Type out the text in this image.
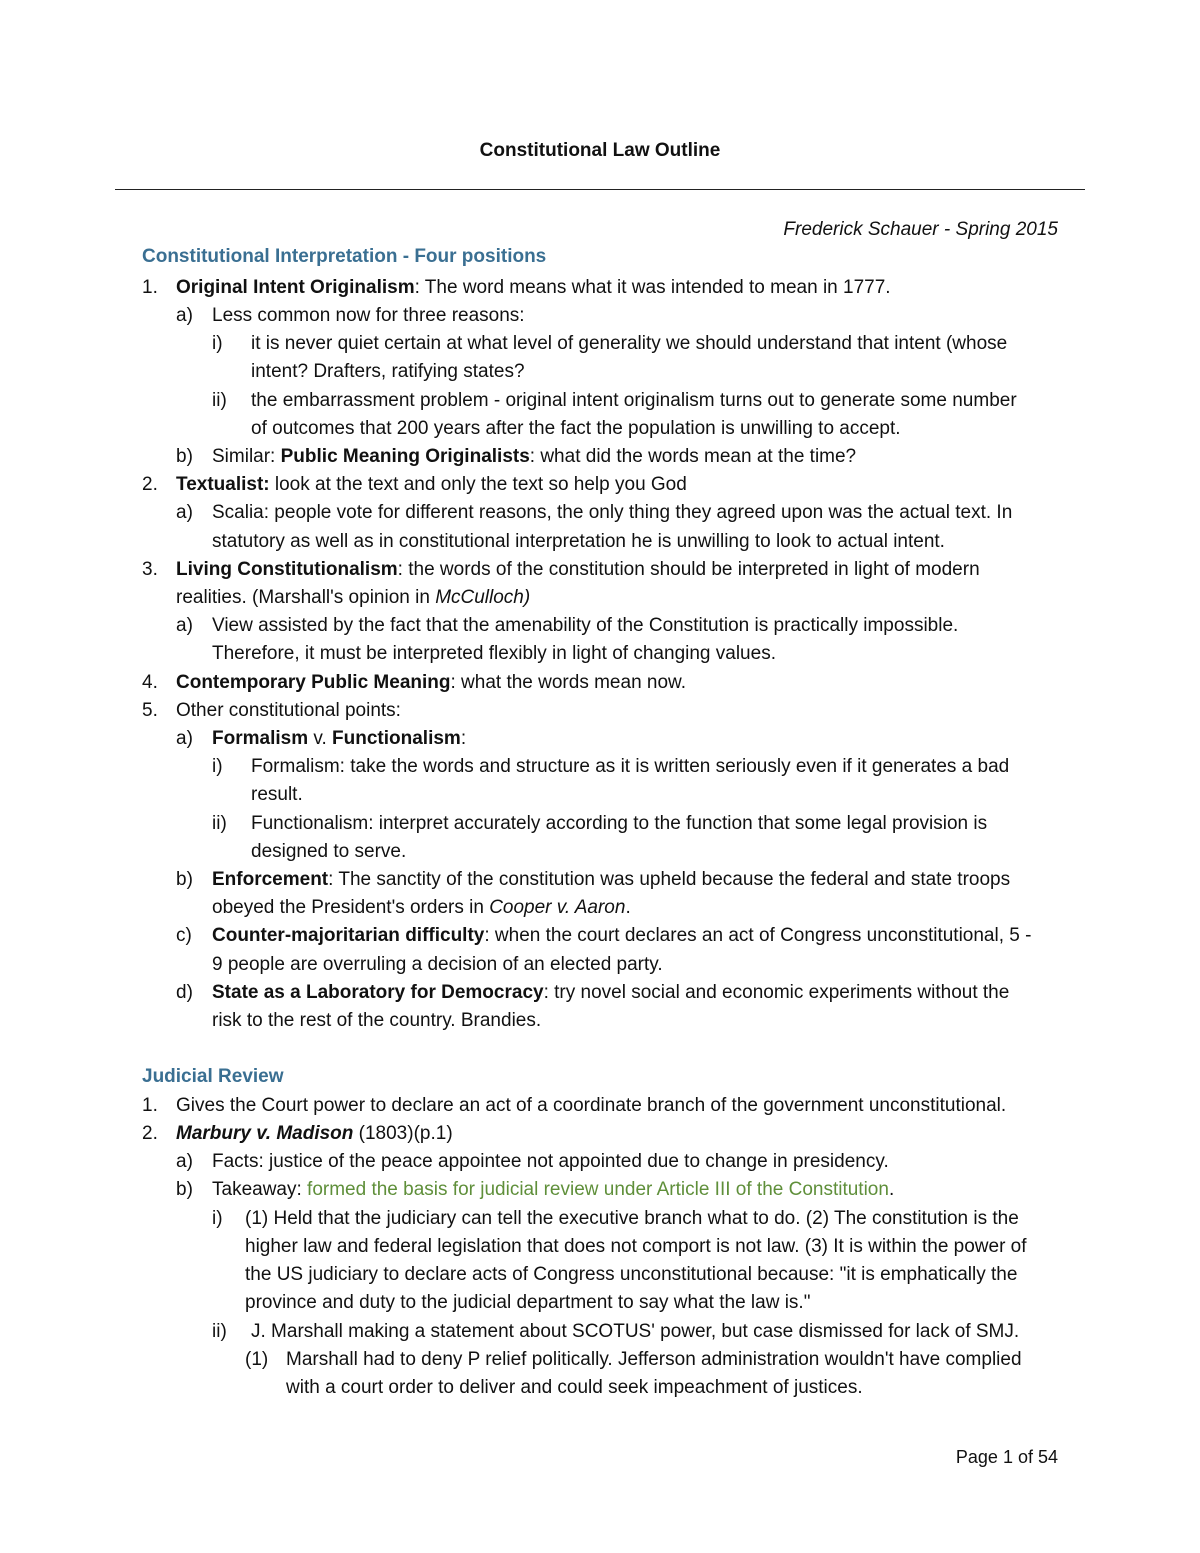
Constitutional Law Outline
Frederick Schauer - Spring 2015
Constitutional Interpretation - Four positions
1. Original Intent Originalism: The word means what it was intended to mean in 1777.
a) Less common now for three reasons:
i) it is never quiet certain at what level of generality we should understand that intent (whose
intent? Drafters, ratifying states?
ii) the embarrassment problem - original intent originalism turns out to generate some number
of outcomes that 200 years after the fact the population is unwilling to accept.
b) Similar: Public Meaning Originalists: what did the words mean at the time?
2. Textualist: look at the text and only the text so help you God
a) Scalia: people vote for different reasons, the only thing they agreed upon was the actual text. In
statutory as well as in constitutional interpretation he is unwilling to look to actual intent.
3. Living Constitutionalism: the words of the constitution should be interpreted in light of modern
realities. (Marshall's opinion in McCulloch)
a) View assisted by the fact that the amenability of the Constitution is practically impossible.
Therefore, it must be interpreted flexibly in light of changing values.
4. Contemporary Public Meaning: what the words mean now.
5. Other constitutional points:
a) Formalism v. Functionalism:
i) Formalism: take the words and structure as it is written seriously even if it generates a bad
result.
ii) Functionalism: interpret accurately according to the function that some legal provision is
designed to serve.
b) Enforcement: The sanctity of the constitution was upheld because the federal and state troops
obeyed the President's orders in Cooper v. Aaron.
c) Counter-majoritarian difficulty: when the court declares an act of Congress unconstitutional, 5 -
9 people are overruling a decision of an elected party.
d) State as a Laboratory for Democracy: try novel social and economic experiments without the
risk to the rest of the country. Brandies.
Judicial Review
1. Gives the Court power to declare an act of a coordinate branch of the government unconstitutional.
2. Marbury v. Madison (1803)(p.1)
a) Facts: justice of the peace appointee not appointed due to change in presidency.
b) Takeaway: formed the basis for judicial review under Article III of the Constitution.
i) (1) Held that the judiciary can tell the executive branch what to do. (2) The constitution is the
higher law and federal legislation that does not comport is not law. (3) It is within the power of
the US judiciary to declare acts of Congress unconstitutional because: "it is emphatically the
province and duty to the judicial department to say what the law is."
ii) J. Marshall making a statement about SCOTUS' power, but case dismissed for lack of SMJ.
(1) Marshall had to deny P relief politically. Jefferson administration wouldn't have complied
with a court order to deliver and could seek impeachment of justices.
Page 1 of 54
